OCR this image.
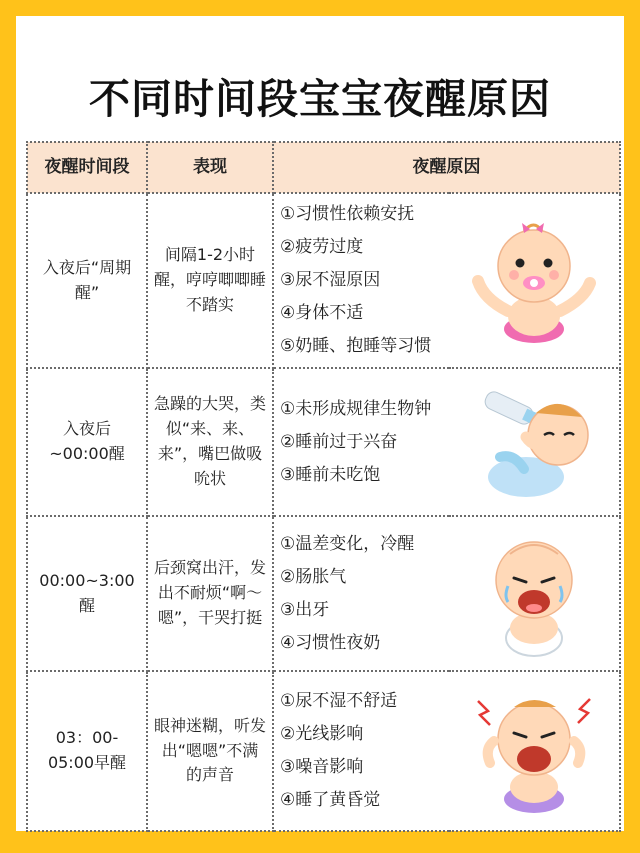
不同时间段宝宝夜醒原因
夜醒时间段	表现	夜醒原因	
入夜后“周期醒”	间隔1-2小时醒，哼哼唧唧睡不踏实	①习惯性依赖安抚
②疲劳过度
③尿不湿原因
④身体不适
⑤奶睡、抱睡等习惯

入夜后~00:00醒	急躁的大哭，类似“来、来、来”，嘴巴做吸吮状	①未形成规律生物钟
②睡前过于兴奋
③睡前未吃饱

00:00~3:00醒	后颈窝出汗，发出不耐烦“啊～嗯”，干哭打挺	①温差变化，冷醒
②肠胀气
③出牙
④习惯性夜奶

03：00-05:00早醒	眼神迷糊，听发出“嗯嗯”不满的声音	①尿不湿不舒适
②光线影响
③噪音影响
④睡了黄昏觉
